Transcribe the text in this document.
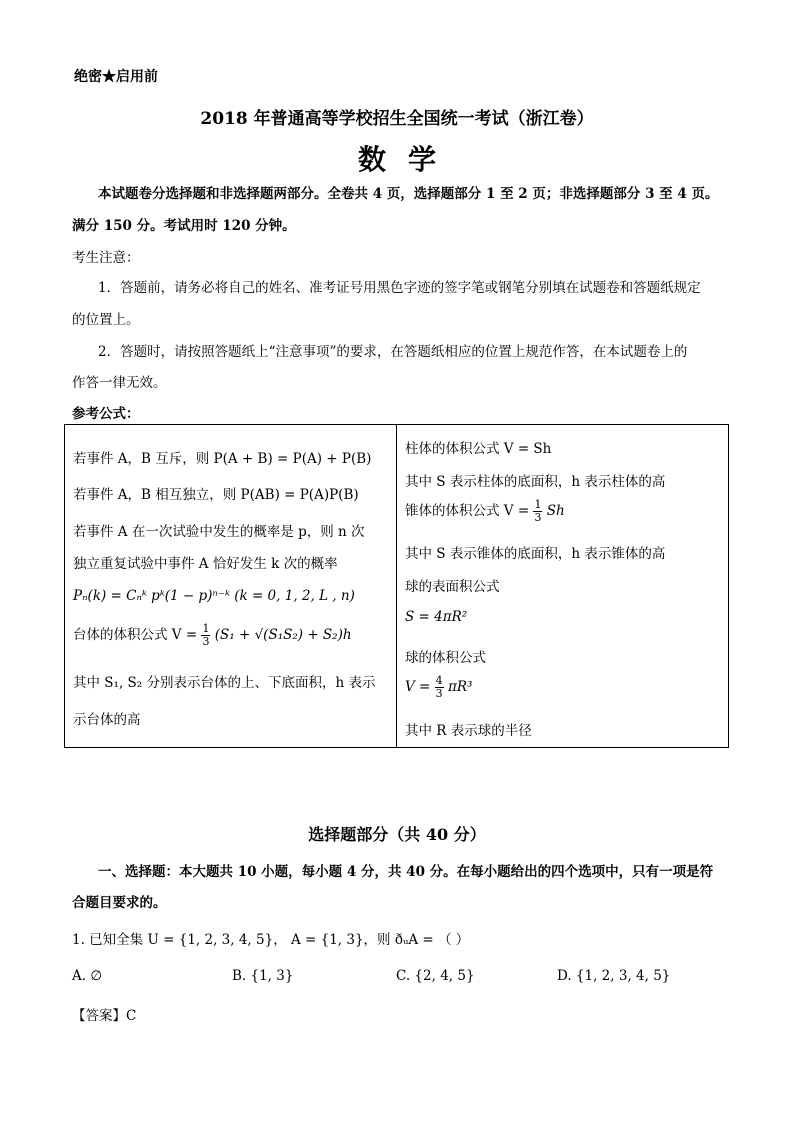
绝密★启用前
2018 年普通高等学校招生全国统一考试（浙江卷）
数学
本试题卷分选择题和非选择题两部分。全卷共 4 页，选择题部分 1 至 2 页；非选择题部分 3 至 4 页。
满分 150 分。考试用时 120 分钟。
考生注意：
1．答题前，请务必将自己的姓名、准考证号用黑色字迹的签字笔或钢笔分别填在试题卷和答题纸规定
的位置上。
2．答题时，请按照答题纸上“注意事项”的要求，在答题纸相应的位置上规范作答，在本试题卷上的
作答一律无效。
参考公式：
若事件 A，B 互斥，则 P(A + B) = P(A) + P(B)
若事件 A，B 相互独立，则 P(AB) = P(A)P(B)
若事件 A 在一次试验中发生的概率是 p，则 n 次
独立重复试验中事件 A 恰好发生 k 次的概率
Pₙ(k) = Cₙᵏ pᵏ(1 − p)ⁿ⁻ᵏ (k = 0, 1, 2, L , n)
台体的体积公式 $V = \frac{1}{3} (S_1 + √(S_1S_2) + S_2)h$
其中 S₁, S₂ 分别表示台体的上、下底面积，h 表示
示台体的高

柱体的体积公式 V = Sh
其中 S 表示柱体的底面积，h 表示柱体的高
锥体的体积公式 $V = \frac{1}{3}$ Sh
其中 S 表示锥体的底面积，h 表示锥体的高
球的表面积公式
S = 4πR²
球的体积公式
$V = \frac{4}{3} \pi R^3$
其中 R 表示球的半径
选择题部分（共 40 分）
一、选择题：本大题共 10 小题，每小题 4 分，共 40 分。在每小题给出的四个选项中，只有一项是符
合题目要求的。
1. 已知全集 U = {1, 2, 3, 4, 5}， A = {1, 3}，则 ðᵤA = （ ）
A. ∅	B. {1, 3}	C. {2, 4, 5}	D. {1, 2, 3, 4, 5}
【答案】C
